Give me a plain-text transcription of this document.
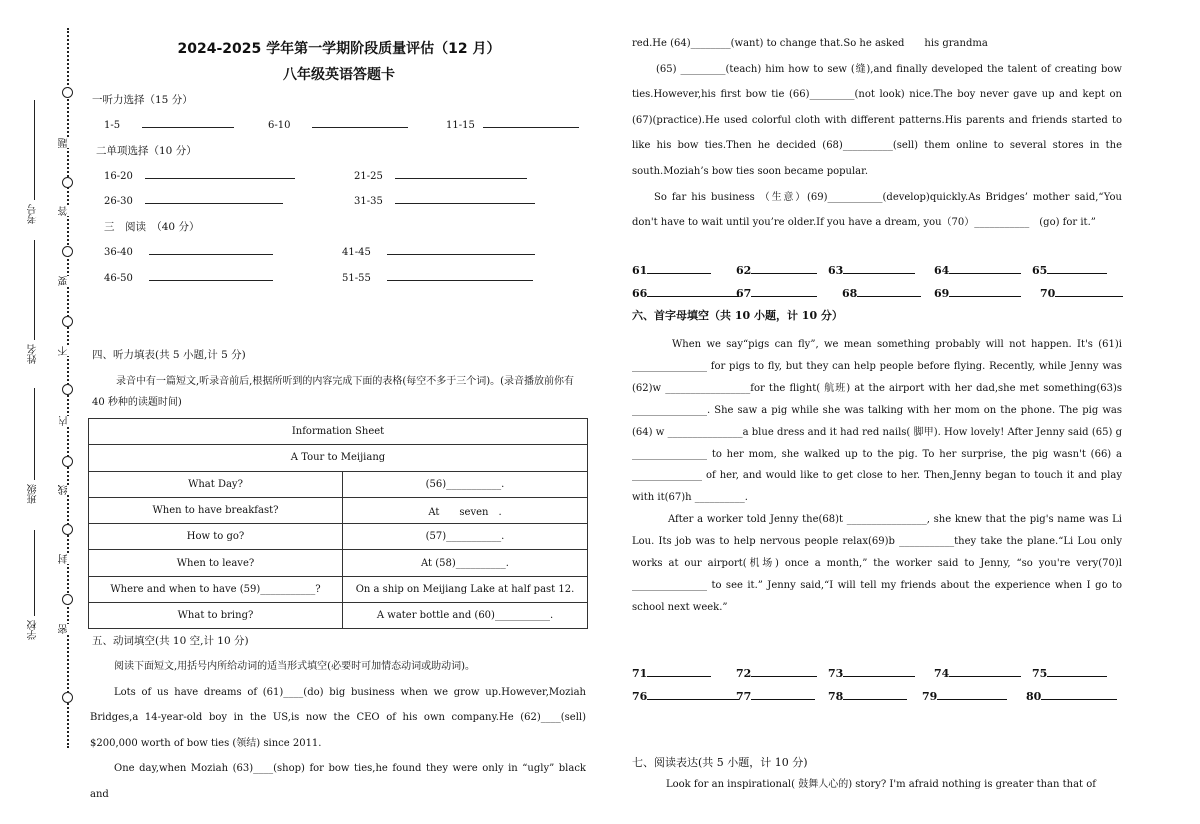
题
答
要
不
内
线
封
密
考号
姓名
班级
学校
2024-2025 学年第一学期阶段质量评估（12 月）
八年级英语答题卡
一听力选择（15 分）
1-5	6-10	11-15
二单项选择（10 分）
16-20	21-25
26-30	31-35
三　阅读　（40 分）
36-40	41-45
46-50	51-55
四、听力填表(共 5 小题,计 5 分)
录音中有一篇短文,听录音前后,根据所听到的内容完成下面的表格(每空不多于三个词)。(录音播放前你有 40 秒种的读题时间)
Information Sheet	
A Tour to Meijiang	
What Day?	(56)___________.
When to have breakfast?	At　　seven　.
How to go?	(57)___________.
When to leave?	At (58)__________.
Where and when to have (59)___________?	On a ship on Meijiang Lake at half past 12.
What to bring?	A water bottle and (60)___________.
五、动词填空(共 10 空,计 10 分)

阅读下面短文,用括号内所给动词的适当形式填空(必要时可加情态动词或助动词)。

Lots of us have dreams of (61)____(do) big business when we grow up.However,Moziah Bridges,a 14-year-old boy in the US,is now the CEO of his own company.He (62)____(sell) $200,000 worth of bow ties (领结) since 2011.

One day,when Moziah (63)____(shop) for bow ties,he found they were only in “ugly” black and

red.He (64)________(want) to change that.So he asked　　his grandma

(65) _________(teach) him how to sew (缝),and finally developed the talent of creating bow ties.However,his first bow tie (66)_________(not look) nice.The boy never gave up and kept on (67)(practice).He used colorful cloth with different patterns.His parents and friends started to like his bow ties.Then he decided (68)__________(sell) them online to several stores in the south.Moziah’s bow ties soon became popular.

So far his business （生意）(69)___________(develop)quickly.As Bridges’ mother said,“You don't have to wait until you’re older.If you have a dream, you（70）___________　(go) for it.”

61	62	63	64	65
66	67	68	69	70
六、首字母填空（共 10 小题，计 10 分）

When we say“pigs can fly”, we mean something probably will not happen. It's (61)i _______________ for pigs to fly, but they can help people before flying. Recently, while Jenny was (62)w _________________for the flight( 航班) at the airport with her dad,she met something(63)s _______________. She saw a pig while she was talking with her mom on the phone. The pig was (64) w _______________a blue dress and it had red nails( 脚甲). How lovely! After Jenny said (65) g _______________ to her mom, she walked up to the pig. To her surprise, the pig wasn't (66) a ______________ of her, and would like to get close to her. Then,Jenny began to touch it and play with it(67)h __________.

After a worker told Jenny the(68)t ________________, she knew that the pig's name was Li Lou. Its job was to help nervous people relax(69)b ___________they take the plane.“Li Lou only works at our airport(机场) once a month,” the worker said to Jenny, “so you're very(70)l _______________ to see it.” Jenny said,“I will tell my friends about the experience when I go to school next week.”

71	72	73	74	75
76	77	78	79	80
七、阅读表达(共 5 小题，计 10 分)
Look for an inspirational( 鼓舞人心的) story? I'm afraid nothing is greater than that of
